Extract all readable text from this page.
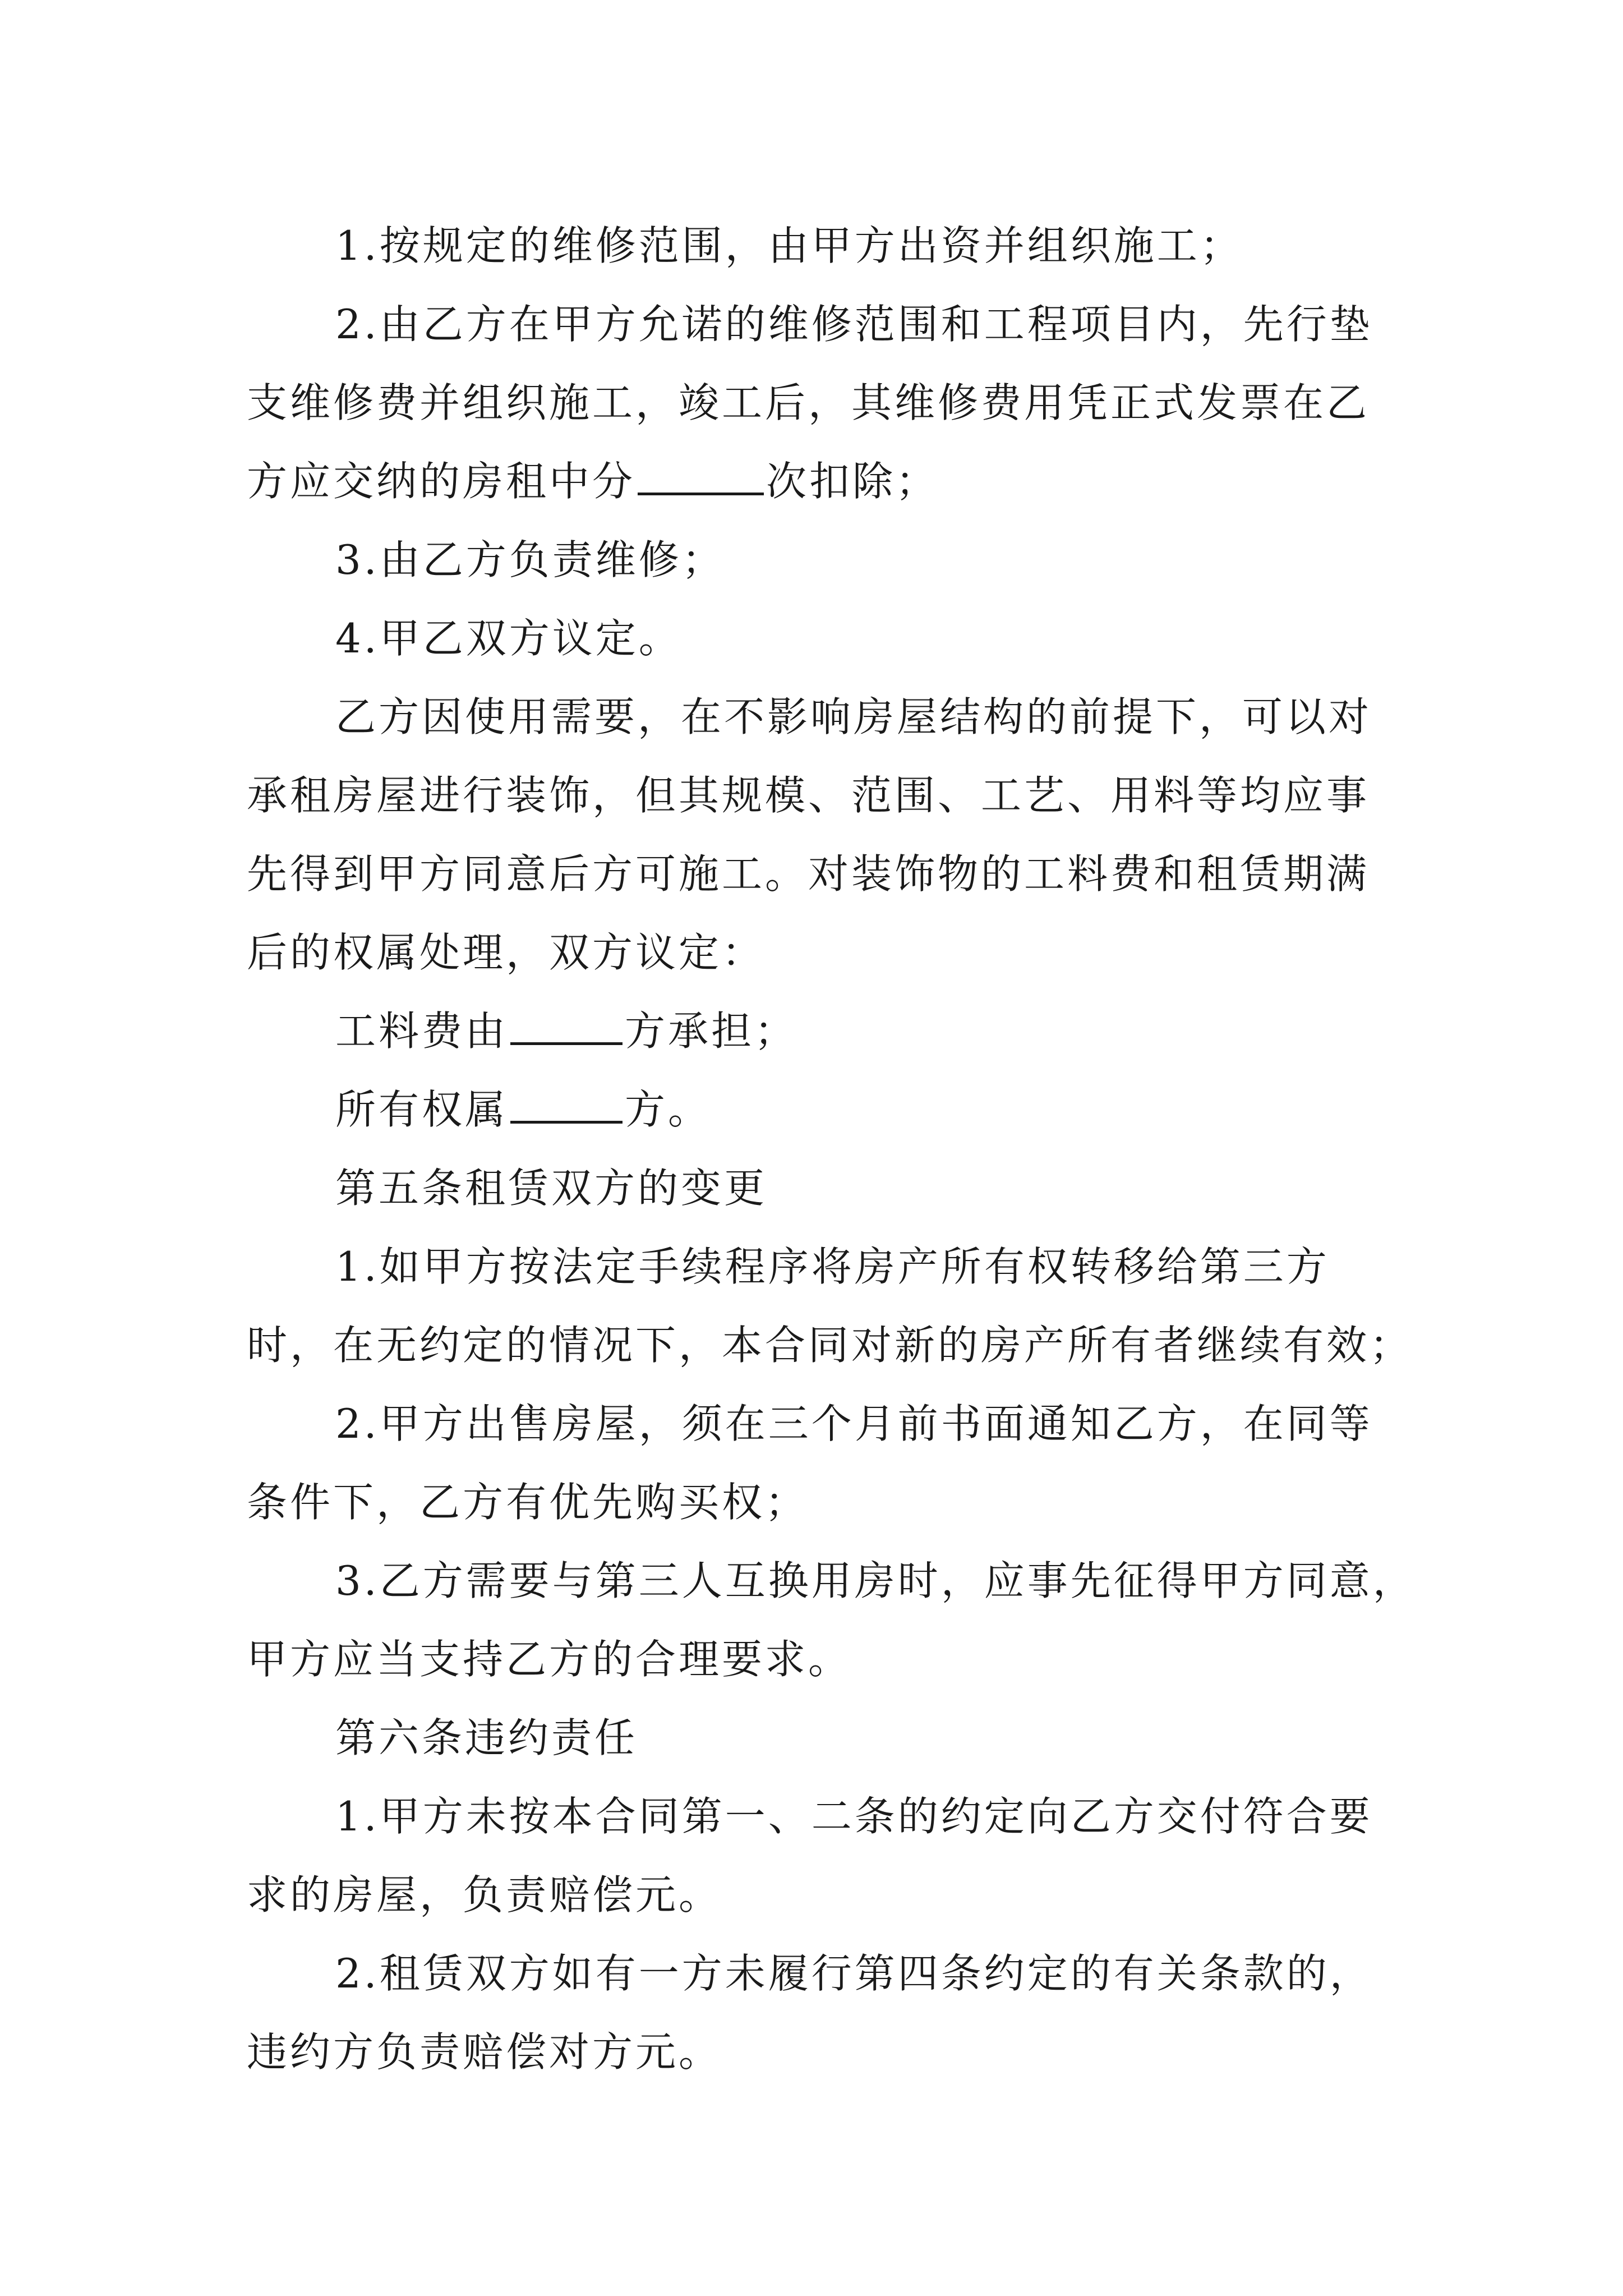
1.按规定的维修范围，由甲方出资并组织施工；
2.由乙方在甲方允诺的维修范围和工程项目内，先行垫
支维修费并组织施工，竣工后，其维修费用凭正式发票在乙
方应交纳的房租中分	次扣除；
3.由乙方负责维修；
4.甲乙双方议定。
乙方因使用需要，在不影响房屋结构的前提下，可以对
承租房屋进行装饰，但其规模、范围、工艺、用料等均应事
先得到甲方同意后方可施工。对装饰物的工料费和租赁期满
后的权属处理，双方议定：
工料费由	方承担；
所有权属	方。
第五条租赁双方的变更
1.如甲方按法定手续程序将房产所有权转移给第三方
时，在无约定的情况下，本合同对新的房产所有者继续有效；
2.甲方出售房屋，须在三个月前书面通知乙方，在同等
条件下，乙方有优先购买权；
3.乙方需要与第三人互换用房时，应事先征得甲方同意，
甲方应当支持乙方的合理要求。
第六条违约责任
1.甲方未按本合同第一、二条的约定向乙方交付符合要
求的房屋，负责赔偿元。
2.租赁双方如有一方未履行第四条约定的有关条款的，
违约方负责赔偿对方元。
